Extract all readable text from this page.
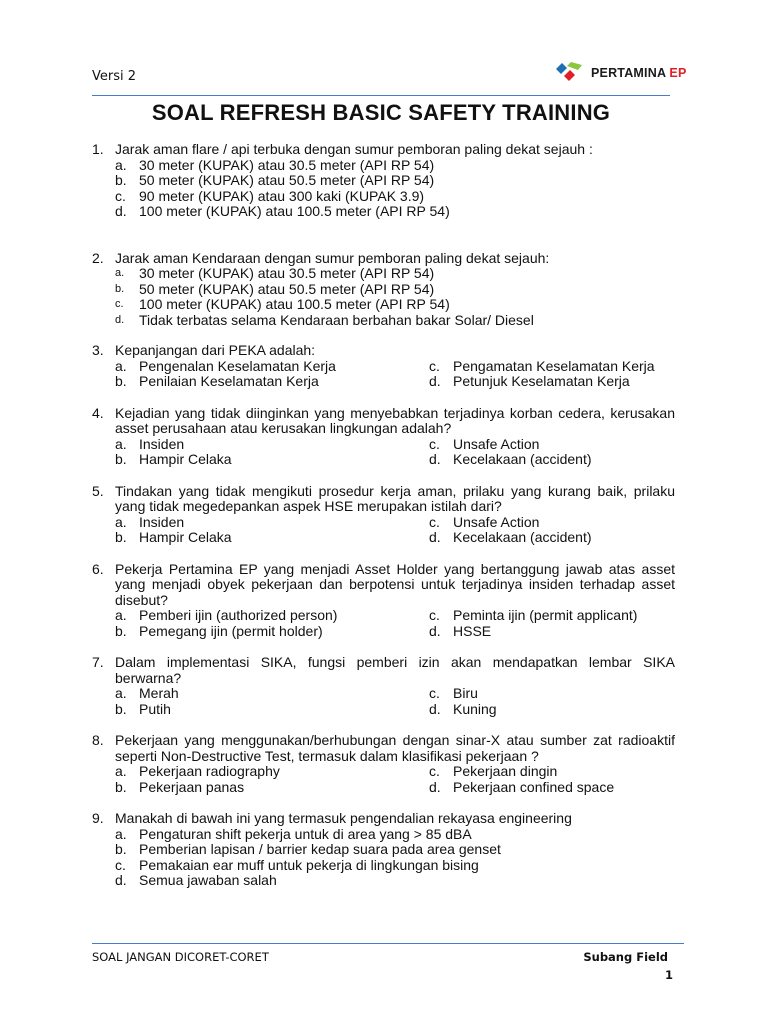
Versi 2	PERTAMINA EP
SOAL REFRESH BASIC SAFETY TRAINING
1. Jarak aman flare / api terbuka dengan sumur pemboran paling dekat sejauh :
a. 30 meter (KUPAK) atau 30.5 meter (API RP 54)
b. 50 meter (KUPAK) atau 50.5 meter (API RP 54)
c. 90 meter (KUPAK) atau 300 kaki (KUPAK 3.9)
d. 100 meter (KUPAK) atau 100.5 meter (API RP 54)
2. Jarak aman Kendaraan dengan sumur pemboran paling dekat sejauh:
a. 30 meter (KUPAK) atau 30.5 meter (API RP 54)
b. 50 meter (KUPAK) atau 50.5 meter (API RP 54)
c. 100 meter (KUPAK) atau 100.5 meter (API RP 54)
d. Tidak terbatas selama Kendaraan berbahan bakar Solar/ Diesel
3. Kepanjangan dari PEKA adalah:
a. Pengenalan Keselamatan Kerja	c. Pengamatan Keselamatan Kerja
b. Penilaian Keselamatan Kerja	d. Petunjuk Keselamatan Kerja
4. Kejadian yang tidak diinginkan yang menyebabkan terjadinya korban cedera, kerusakan asset perusahaan atau kerusakan lingkungan adalah?
a. Insiden	c. Unsafe Action
b. Hampir Celaka	d. Kecelakaan (accident)
5. Tindakan yang tidak mengikuti prosedur kerja aman, prilaku yang kurang baik, prilaku yang tidak megedepankan aspek HSE merupakan istilah dari?
a. Insiden	c. Unsafe Action
b. Hampir Celaka	d. Kecelakaan (accident)
6. Pekerja Pertamina EP yang menjadi Asset Holder yang bertanggung jawab atas asset yang menjadi obyek pekerjaan dan berpotensi untuk terjadinya insiden terhadap asset disebut?
a. Pemberi ijin (authorized person)	c. Peminta ijin (permit applicant)
b. Pemegang ijin (permit holder)	d. HSSE
7. Dalam implementasi SIKA, fungsi pemberi izin akan mendapatkan lembar SIKA berwarna?
a. Merah	c. Biru
b. Putih	d. Kuning
8. Pekerjaan yang menggunakan/berhubungan dengan sinar-X atau sumber zat radioaktif seperti Non-Destructive Test, termasuk dalam klasifikasi pekerjaan ?
a. Pekerjaan radiography	c. Pekerjaan dingin
b. Pekerjaan panas	d. Pekerjaan confined space
9. Manakah di bawah ini yang termasuk pengendalian rekayasa engineering
a. Pengaturan shift pekerja untuk di area yang > 85 dBA
b. Pemberian lapisan / barrier kedap suara pada area genset
c. Pemakaian ear muff untuk pekerja di lingkungan bising
d. Semua jawaban salah
SOAL JANGAN DICORET-CORET	Subang Field
1
